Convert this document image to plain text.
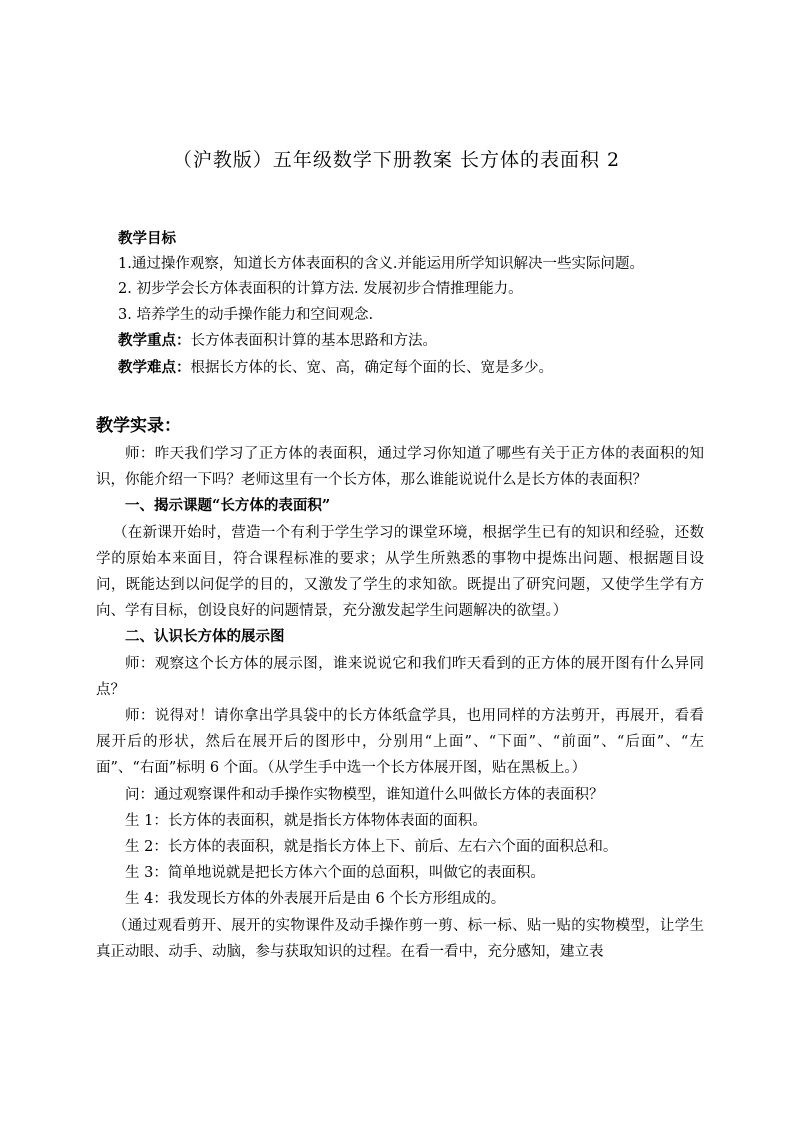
（沪教版）五年级数学下册教案 长方体的表面积 2
教学目标
1.通过操作观察，知道长方体表面积的含义.并能运用所学知识解决一些实际问题。
2. 初步学会长方体表面积的计算方法. 发展初步合情推理能力。
3. 培养学生的动手操作能力和空间观念.
教学重点：长方体表面积计算的基本思路和方法。
教学难点：根据长方体的长、宽、高，确定每个面的长、宽是多少。
教学实录：
师：昨天我们学习了正方体的表面积，通过学习你知道了哪些有关于正方体的表面积的知识，你能介绍一下吗？老师这里有一个长方体，那么谁能说说什么是长方体的表面积？
一、揭示课题“长方体的表面积”
（在新课开始时，营造一个有利于学生学习的课堂环境，根据学生已有的知识和经验，还数学的原始本来面目，符合课程标准的要求；从学生所熟悉的事物中提炼出问题、根据题目设问，既能达到以问促学的目的，又激发了学生的求知欲。既提出了研究问题，又使学生学有方向、学有目标，创设良好的问题情景，充分激发起学生问题解决的欲望。）
二、认识长方体的展示图
师：观察这个长方体的展示图，谁来说说它和我们昨天看到的正方体的展开图有什么异同点？
师：说得对！请你拿出学具袋中的长方体纸盒学具，也用同样的方法剪开，再展开，看看展开后的形状，然后在展开后的图形中，分别用“上面”、“下面”、“前面”、“后面”、“左面”、“右面”标明 6 个面。（从学生手中选一个长方体展开图，贴在黑板上。）
问：通过观察课件和动手操作实物模型，谁知道什么叫做长方体的表面积？
生 1：长方体的表面积，就是指长方体物体表面的面积。
生 2：长方体的表面积，就是指长方体上下、前后、左右六个面的面积总和。
生 3：简单地说就是把长方体六个面的总面积，叫做它的表面积。
生 4：我发现长方体的外表展开后是由 6 个长方形组成的。
（通过观看剪开、展开的实物课件及动手操作剪一剪、标一标、贴一贴的实物模型，让学生真正动眼、动手、动脑，参与获取知识的过程。在看一看中，充分感知，建立表
